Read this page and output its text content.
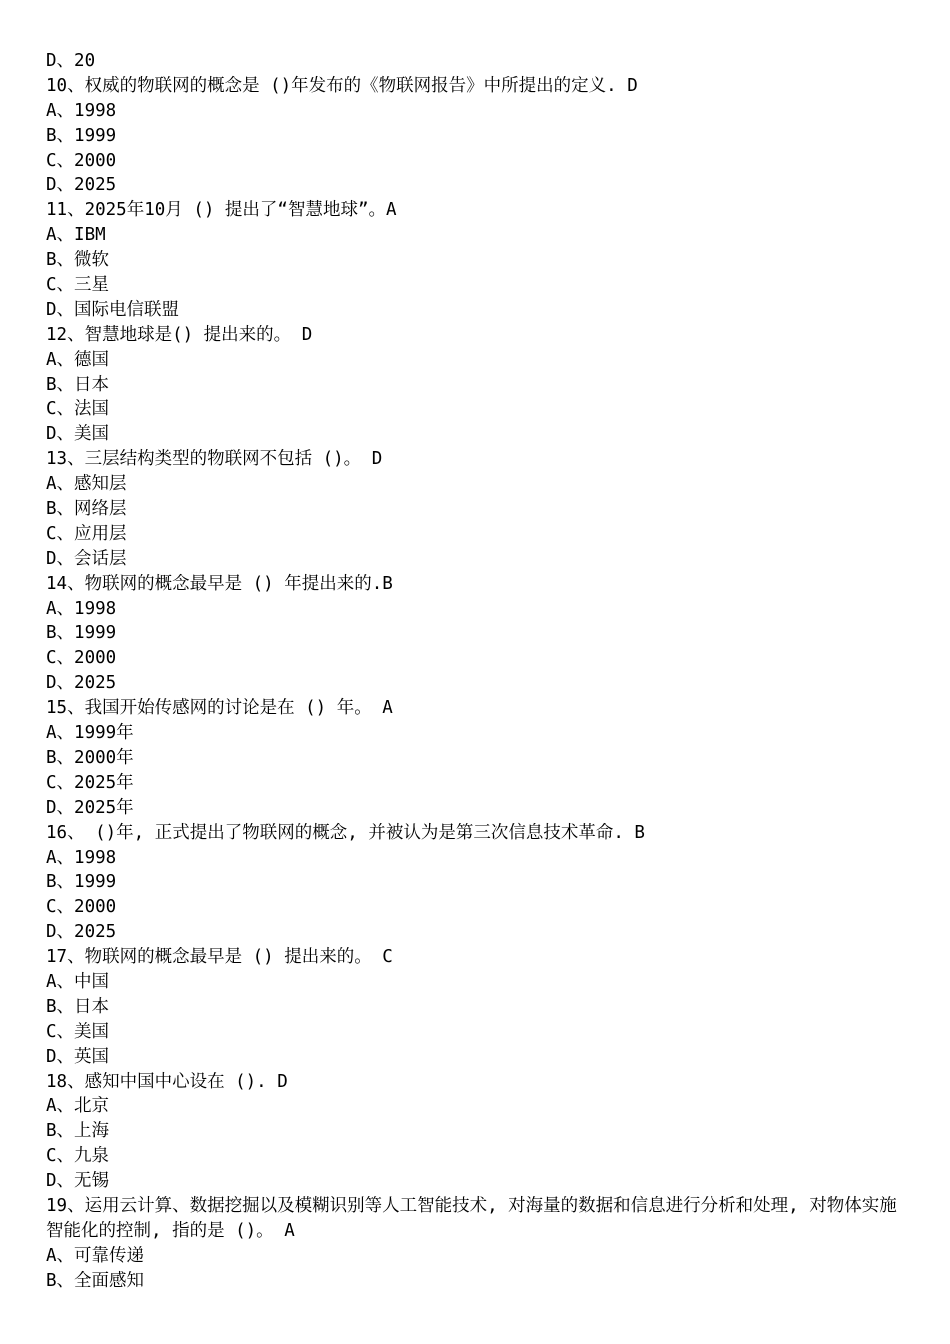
D、20
10、权威的物联网的概念是 ()年发布的《物联网报告》中所提出的定义. D
A、1998
B、1999
C、2000
D、2025
11、2025年10月 () 提出了“智慧地球”。A
A、IBM
B、微软
C、三星
D、国际电信联盟
12、智慧地球是() 提出来的。 D
A、德国
B、日本
C、法国
D、美国
13、三层结构类型的物联网不包括 ()。 D
A、感知层
B、网络层
C、应用层
D、会话层
14、物联网的概念最早是 () 年提出来的.B
A、1998
B、1999
C、2000
D、2025
15、我国开始传感网的讨论是在 () 年。 A
A、1999年
B、2000年
C、2025年
D、2025年
16、 ()年, 正式提出了物联网的概念, 并被认为是第三次信息技术革命. B
A、1998
B、1999
C、2000
D、2025
17、物联网的概念最早是 () 提出来的。 C
A、中国
B、日本
C、美国
D、英国
18、感知中国中心设在 (). D
A、北京
B、上海
C、九泉
D、无锡
19、运用云计算、数据挖掘以及模糊识别等人工智能技术, 对海量的数据和信息进行分析和处理, 对物体实施智能化的控制, 指的是 ()。 A
A、可靠传递
B、全面感知
